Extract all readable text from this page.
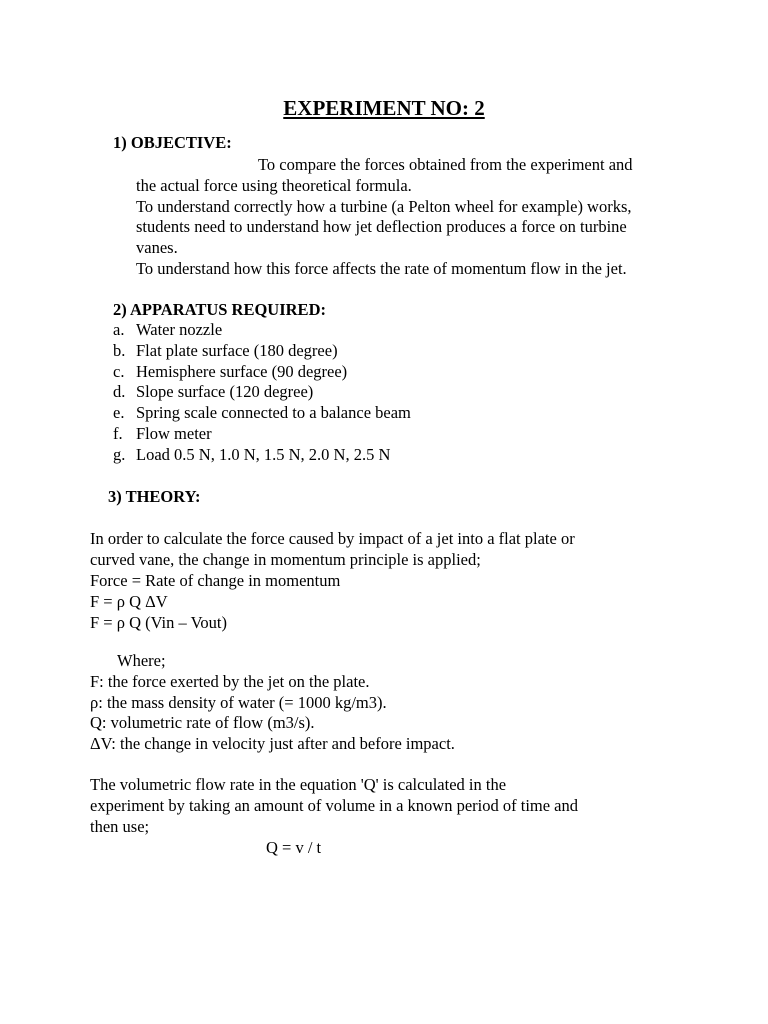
EXPERIMENT NO: 2
1) OBJECTIVE:
To compare the forces obtained from the experiment and
the actual force using theoretical formula.
To understand correctly how a turbine (a Pelton wheel for example) works,
students need to understand how jet deflection produces a force on turbine
vanes.
To understand how this force affects the rate of momentum flow in the jet.
2) APPARATUS REQUIRED:
a. Water nozzle
b. Flat plate surface (180 degree)
c. Hemisphere surface (90 degree)
d. Slope surface (120 degree)
e. Spring scale connected to a balance beam
f. Flow meter
g. Load 0.5 N, 1.0 N, 1.5 N, 2.0 N, 2.5 N
3) THEORY:
In order to calculate the force caused by impact of a jet into a flat plate or
curved vane, the change in momentum principle is applied;
Force = Rate of change in momentum
F = ρ Q ΔV
F = ρ Q (Vin – Vout)
Where;
F: the force exerted by the jet on the plate.
ρ: the mass density of water (= 1000 kg/m3).
Q: volumetric rate of flow (m3/s).
ΔV: the change in velocity just after and before impact.
The volumetric flow rate in the equation 'Q' is calculated in the
experiment by taking an amount of volume in a known period of time and
then use;
Q = v / t
